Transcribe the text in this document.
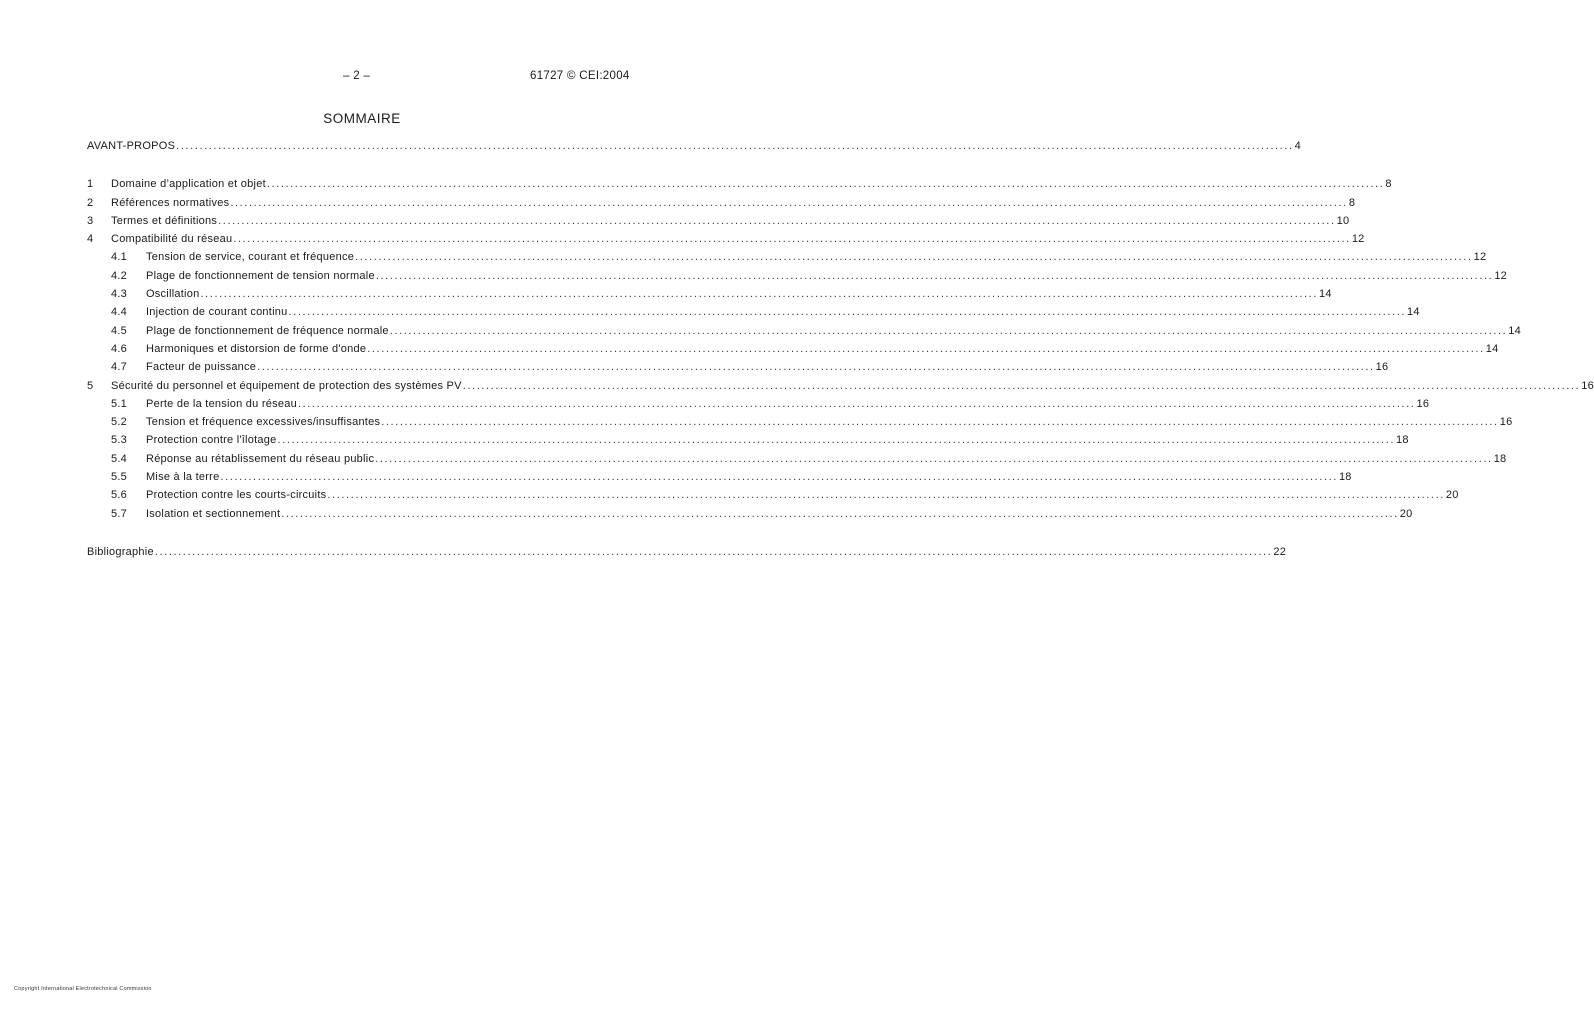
– 2 –	61727 © CEI:2004
SOMMAIRE
AVANT-PROPOS .....	4
1	Domaine d’application et objet .....	8
2	Références normatives .....	8
3	Termes et définitions .....	10
4	Compatibilité du réseau .....	12
4.1	Tension de service, courant et fréquence .....	12
4.2	Plage de fonctionnement de tension normale .....	12
4.3	Oscillation .....	14
4.4	Injection de courant continu .....	14
4.5	Plage de fonctionnement de fréquence normale .....	14
4.6	Harmoniques et distorsion de forme d'onde .....	14
4.7	Facteur de puissance .....	16
5	Sécurité du personnel et équipement de protection des systèmes PV .....	16
5.1	Perte de la tension du réseau .....	16
5.2	Tension et fréquence excessives/insuffisantes .....	16
5.3	Protection contre l'îlotage .....	18
5.4	Réponse au rétablissement du réseau public .....	18
5.5	Mise à la terre .....	18
5.6	Protection contre les courts-circuits .....	20
5.7	Isolation et sectionnement .....	20
Bibliographie .....	22
Copyright International Electrotechnical Commission
